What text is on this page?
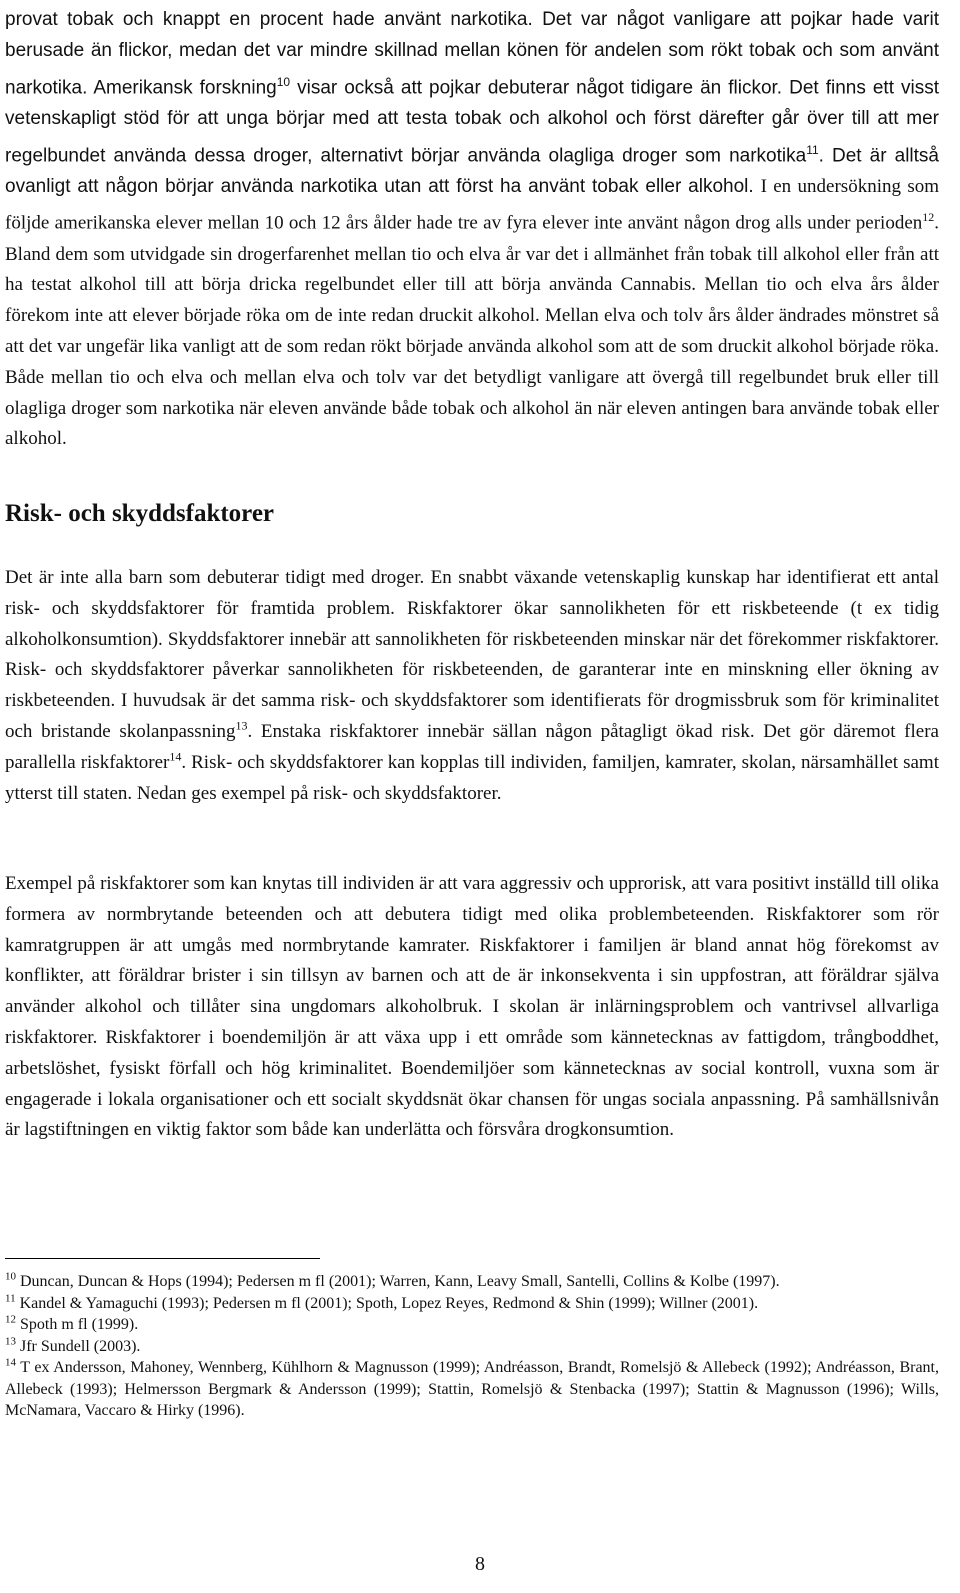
provat tobak och knappt en procent hade använt narkotika. Det var något vanligare att pojkar hade varit berusade än flickor, medan det var mindre skillnad mellan könen för andelen som rökt tobak och som använt narkotika. Amerikansk forskning$^{10}$ visar också att pojkar debuterar något tidigare än flickor. Det finns ett visst vetenskapligt stöd för att unga börjar med att testa tobak och alkohol och först därefter går över till att mer regelbundet använda dessa droger, alternativt börjar använda olagliga droger som narkotika$^{11}$. Det är alltså ovanligt att någon börjar använda narkotika utan att först ha använt tobak eller alkohol. I en undersökning som följde amerikanska elever mellan 10 och 12 års ålder hade tre av fyra elever inte använt någon drog alls under perioden$^{12}$. Bland dem som utvidgade sin drogerfarenhet mellan tio och elva år var det i allmänhet från tobak till alkohol eller från att ha testat alkohol till att börja dricka regelbundet eller till att börja använda Cannabis. Mellan tio och elva års ålder förekom inte att elever började röka om de inte redan druckit alkohol. Mellan elva och tolv års ålder ändrades mönstret så att det var ungefär lika vanligt att de som redan rökt började använda alkohol som att de som druckit alkohol började röka. Både mellan tio och elva och mellan elva och tolv var det betydligt vanligare att övergå till regelbundet bruk eller till olagliga droger som narkotika när eleven använde både tobak och alkohol än när eleven antingen bara använde tobak eller alkohol.

Risk- och skyddsfaktorer

Det är inte alla barn som debuterar tidigt med droger. En snabbt växande vetenskaplig kunskap har identifierat ett antal risk- och skyddsfaktorer för framtida problem. Riskfaktorer ökar sannolikheten för ett riskbeteende (t ex tidig alkoholkonsumtion). Skyddsfaktorer innebär att sannolikheten för riskbeteenden minskar när det förekommer riskfaktorer. Risk- och skyddsfaktorer påverkar sannolikheten för riskbeteenden, de garanterar inte en minskning eller ökning av riskbeteenden. I huvudsak är det samma risk- och skyddsfaktorer som identifierats för drogmissbruk som för kriminalitet och bristande skolanpassning$^{13}$. Enstaka riskfaktorer innebär sällan någon påtagligt ökad risk. Det gör däremot flera parallella riskfaktorer$^{14}$. Risk- och skyddsfaktorer kan kopplas till individen, familjen, kamrater, skolan, närsamhället samt ytterst till staten. Nedan ges exempel på risk- och skyddsfaktorer.

Exempel på riskfaktorer som kan knytas till individen är att vara aggressiv och upprorisk, att vara positivt inställd till olika formera av normbrytande beteenden och att debutera tidigt med olika problembeteenden. Riskfaktorer som rör kamratgruppen är att umgås med normbrytande kamrater. Riskfaktorer i familjen är bland annat hög förekomst av konflikter, att föräldrar brister i sin tillsyn av barnen och att de är inkonsekventa i sin uppfostran, att föräldrar själva använder alkohol och tillåter sina ungdomars alkoholbruk. I skolan är inlärningsproblem och vantrivsel allvarliga riskfaktorer. Riskfaktorer i boendemiljön är att växa upp i ett område som kännetecknas av fattigdom, trångboddhet, arbetslöshet, fysiskt förfall och hög kriminalitet. Boendemiljöer som kännetecknas av social kontroll, vuxna som är engagerade i lokala organisationer och ett socialt skyddsnät ökar chansen för ungas sociala anpassning. På samhällsnivån är lagstiftningen en viktig faktor som både kan underlätta och försvåra drogkonsumtion.

$^{10}$ Duncan, Duncan & Hops (1994); Pedersen m fl (2001); Warren, Kann, Leavy Small, Santelli, Collins & Kolbe (1997).

$^{11}$ Kandel & Yamaguchi (1993); Pedersen m fl (2001); Spoth, Lopez Reyes, Redmond & Shin (1999); Willner (2001).

$^{12}$ Spoth m fl (1999).

$^{13}$ Jfr Sundell (2003).

$^{14}$ T ex Andersson, Mahoney, Wennberg, Kühlhorn & Magnusson (1999); Andréasson, Brandt, Romelsjö & Allebeck (1992); Andréasson, Brant, Allebeck (1993); Helmersson Bergmark & Andersson (1999); Stattin, Romelsjö & Stenbacka (1997); Stattin & Magnusson (1996); Wills, McNamara, Vaccaro & Hirky (1996).

8
